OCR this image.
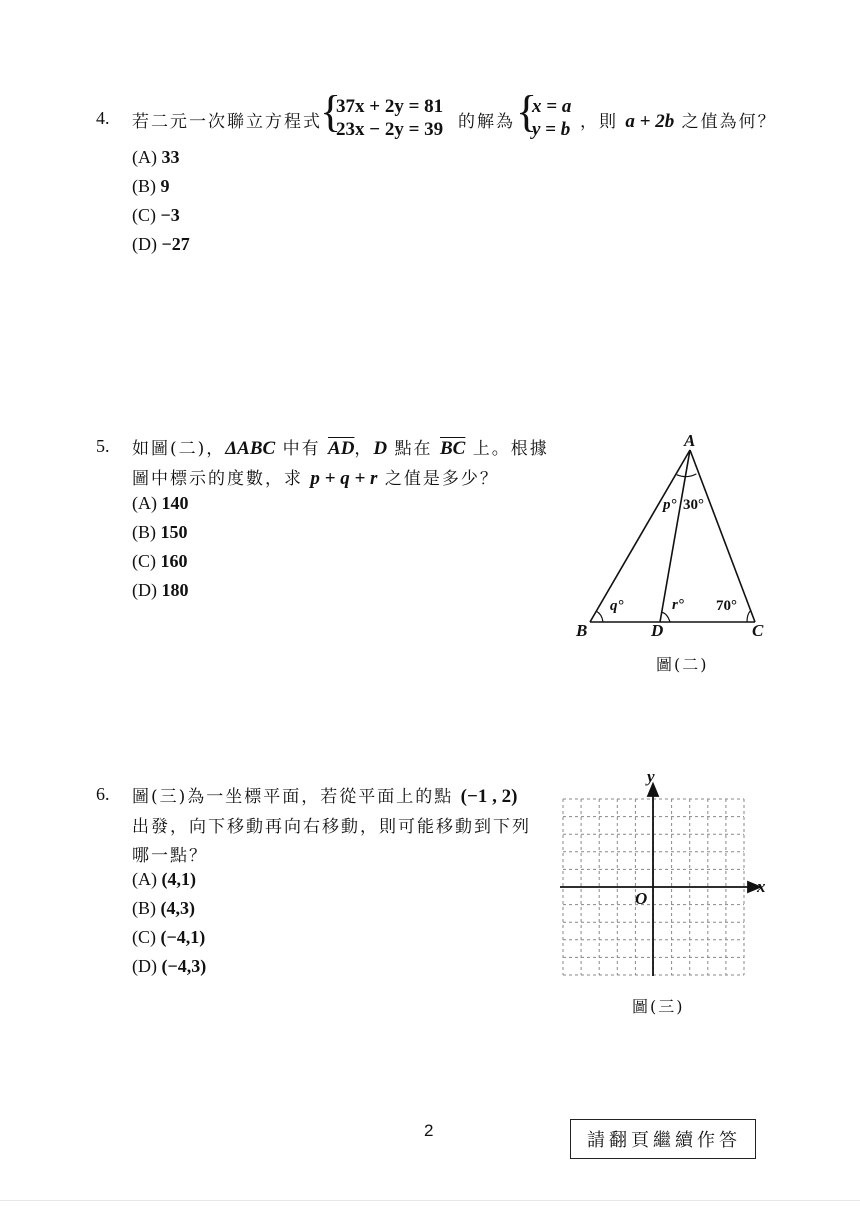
4. 若二元一次聯立方程式
{
37x + 2y = 81
23x − 2y = 39 的解為 {
x = a
y = b ，則 a + 2b 之值為何？
(A) 33
(B) 9
(C) −3
(D) −27
5. 如圖(二)，ΔABC 中有 $\overline{AD}$，D 點在 $\overline{BC}$ 上。根據
圖中標示的度數，求 p + q + r 之值是多少？
(A) 140
(B) 150
(C) 160
(D) 180
A
B	C
D
p° 30°
q°	r° 70°
圖(二)
6. 圖(三)為一坐標平面，若從平面上的點 (−1 , 2)
出發，向下移動再向右移動，則可能移動到下列
哪一點？
(A) (4,1)
(B) (4,3)
(C) (−4,1)
(D) (−4,3)
x
y
O
圖(三)
2	請翻頁繼續作答
